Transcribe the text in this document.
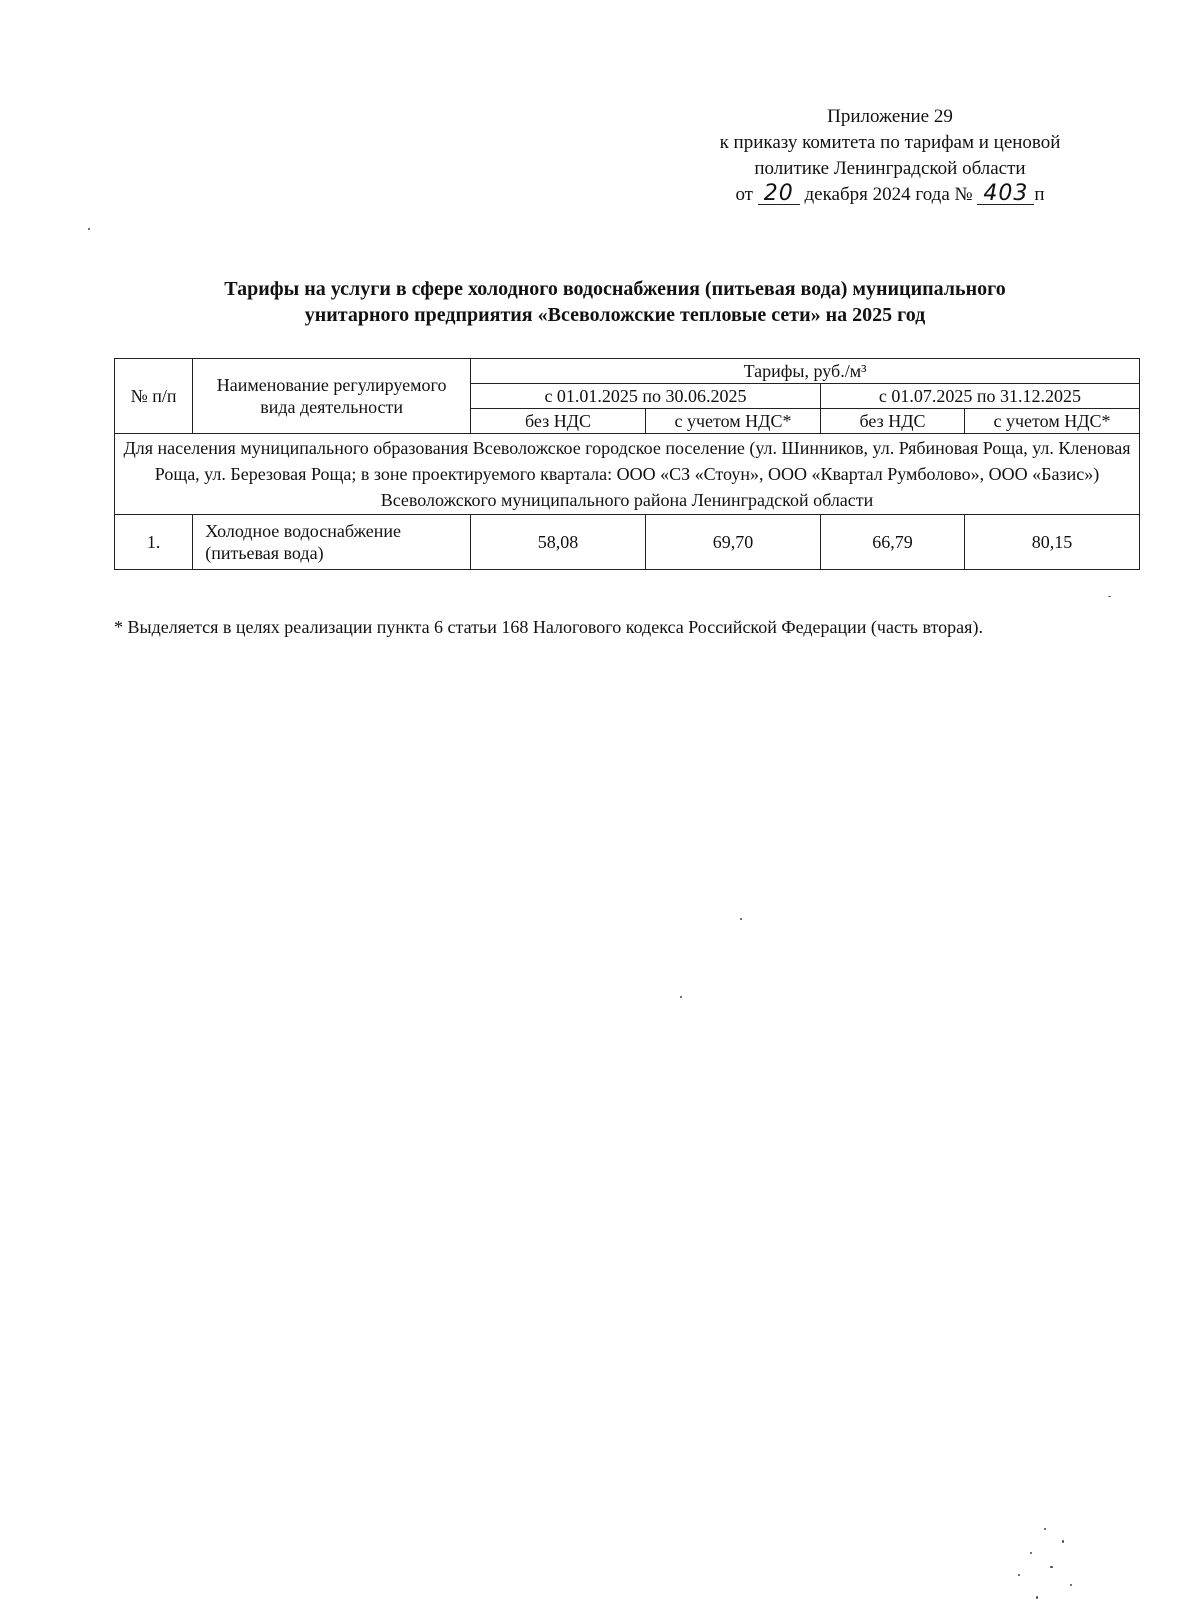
Приложение 29
к приказу комитета по тарифам и ценовой
политике Ленинградской области
от 20 декабря 2024 года № 403 п
Тарифы на услуги в сфере холодного водоснабжения (питьевая вода) муниципального
унитарного предприятия «Всеволожские тепловые сети» на 2025 год
№ п/п	Наименование регулируемого вида деятельности	Тарифы, руб./м³			
		с 01.01.2025 по 30.06.2025		с 01.07.2025 по 31.12.2025	
		без НДС	с учетом НДС*	без НДС	с учетом НДС*
Для населения муниципального образования Всеволожское городское поселение (ул. Шинников, ул. Рябиновая Роща, ул. Кленовая Роща, ул. Березовая Роща; в зоне проектируемого квартала: ООО «СЗ «Стоун», ООО «Квартал Румболово», ООО «Базис») Всеволожского муниципального района Ленинградской области					
1.	Холодное водоснабжение (питьевая вода)	58,08	69,70	66,79	80,15
* Выделяется в целях реализации пункта 6 статьи 168 Налогового кодекса Российской Федерации (часть вторая).
